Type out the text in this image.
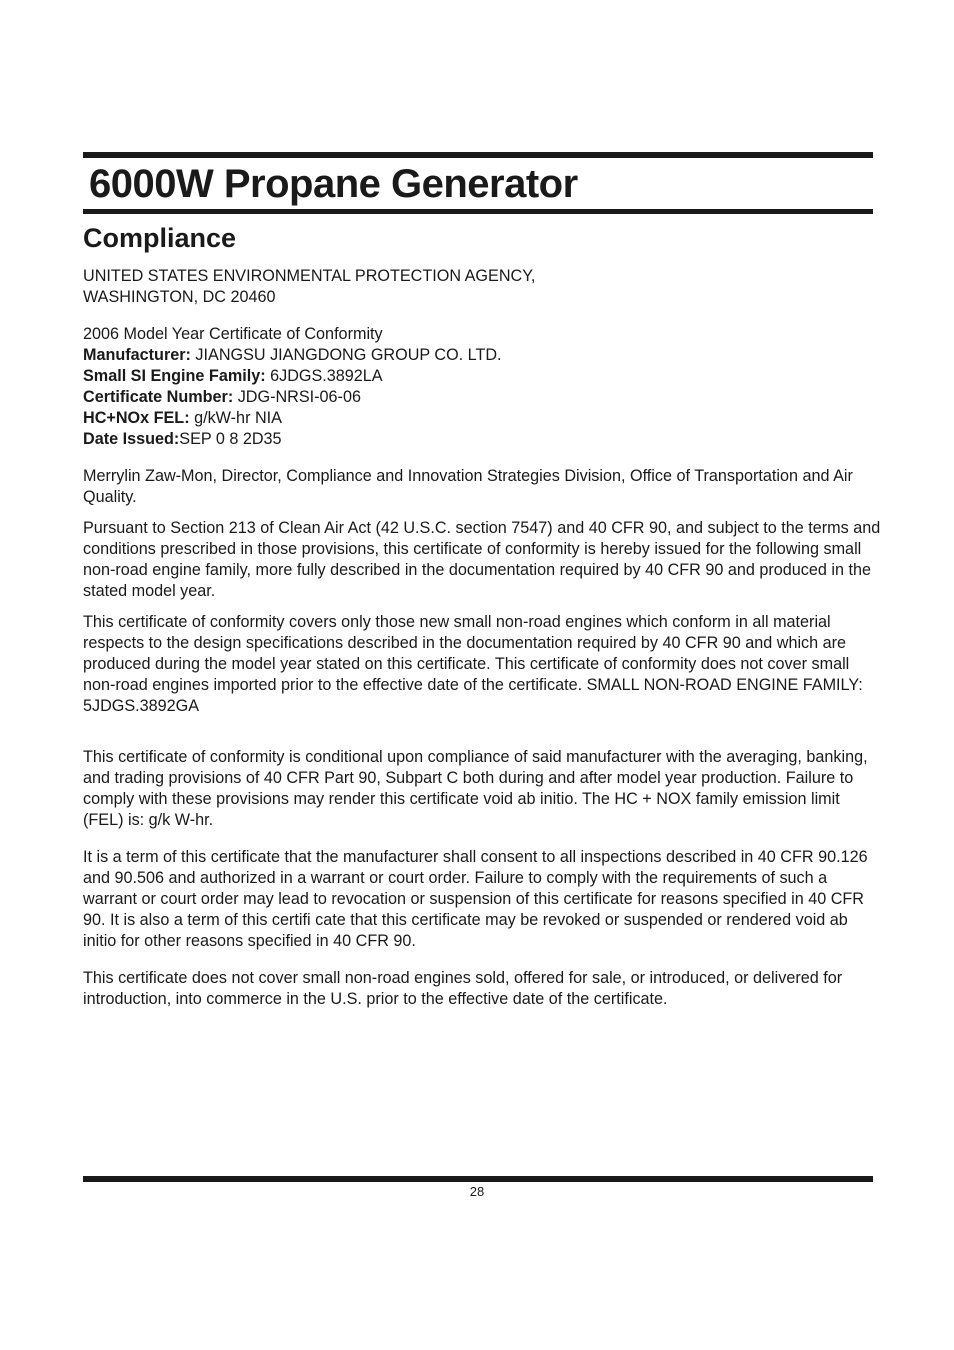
6000W Propane Generator
Compliance

UNITED STATES ENVIRONMENTAL PROTECTION AGENCY,

WASHINGTON, DC 20460

2006 Model Year Certificate of Conformity

Manufacturer: JIANGSU JIANGDONG GROUP CO. LTD.

Small SI Engine Family: 6JDGS.3892LA

Certificate Number: JDG-NRSI-06-06

HC+NOx FEL: g/kW-hr NIA

Date Issued:SEP 0 8 2D35

Merrylin Zaw-Mon, Director, Compliance and Innovation Strategies Division, Office of Transportation and Air Quality.

Pursuant to Section 213 of Clean Air Act (42 U.S.C. section 7547) and 40 CFR 90, and subject to the terms and conditions prescribed in those provisions, this certificate of conformity is hereby issued for the following small non-road engine family, more fully described in the documentation required by 40 CFR 90 and produced in the stated model year.

This certificate of conformity covers only those new small non-road engines which conform in all material respects to the design specifications described in the documentation required by 40 CFR 90 and which are produced during the model year stated on this certificate. This certificate of conformity does not cover small non-road engines imported prior to the effective date of the certificate. SMALL NON-ROAD ENGINE FAMILY: 5JDGS.3892GA

This certificate of conformity is conditional upon compliance of said manufacturer with the averaging, banking, and trading provisions of 40 CFR Part 90, Subpart C both during and after model year production. Failure to comply with these provisions may render this certificate void ab initio. The HC + NOX family emission limit (FEL) is: g/k W-hr.

It is a term of this certificate that the manufacturer shall consent to all inspections described in 40 CFR 90.126 and 90.506 and authorized in a warrant or court order. Failure to comply with the requirements of such a warrant or court order may lead to revocation or suspension of this certificate for reasons specified in 40 CFR 90. It is also a term of this certifi cate that this certificate may be revoked or suspended or rendered void ab initio for other reasons specified in 40 CFR 90.

This certificate does not cover small non-road engines sold, offered for sale, or introduced, or delivered for introduction, into commerce in the U.S. prior to the effective date of the certificate.

28
